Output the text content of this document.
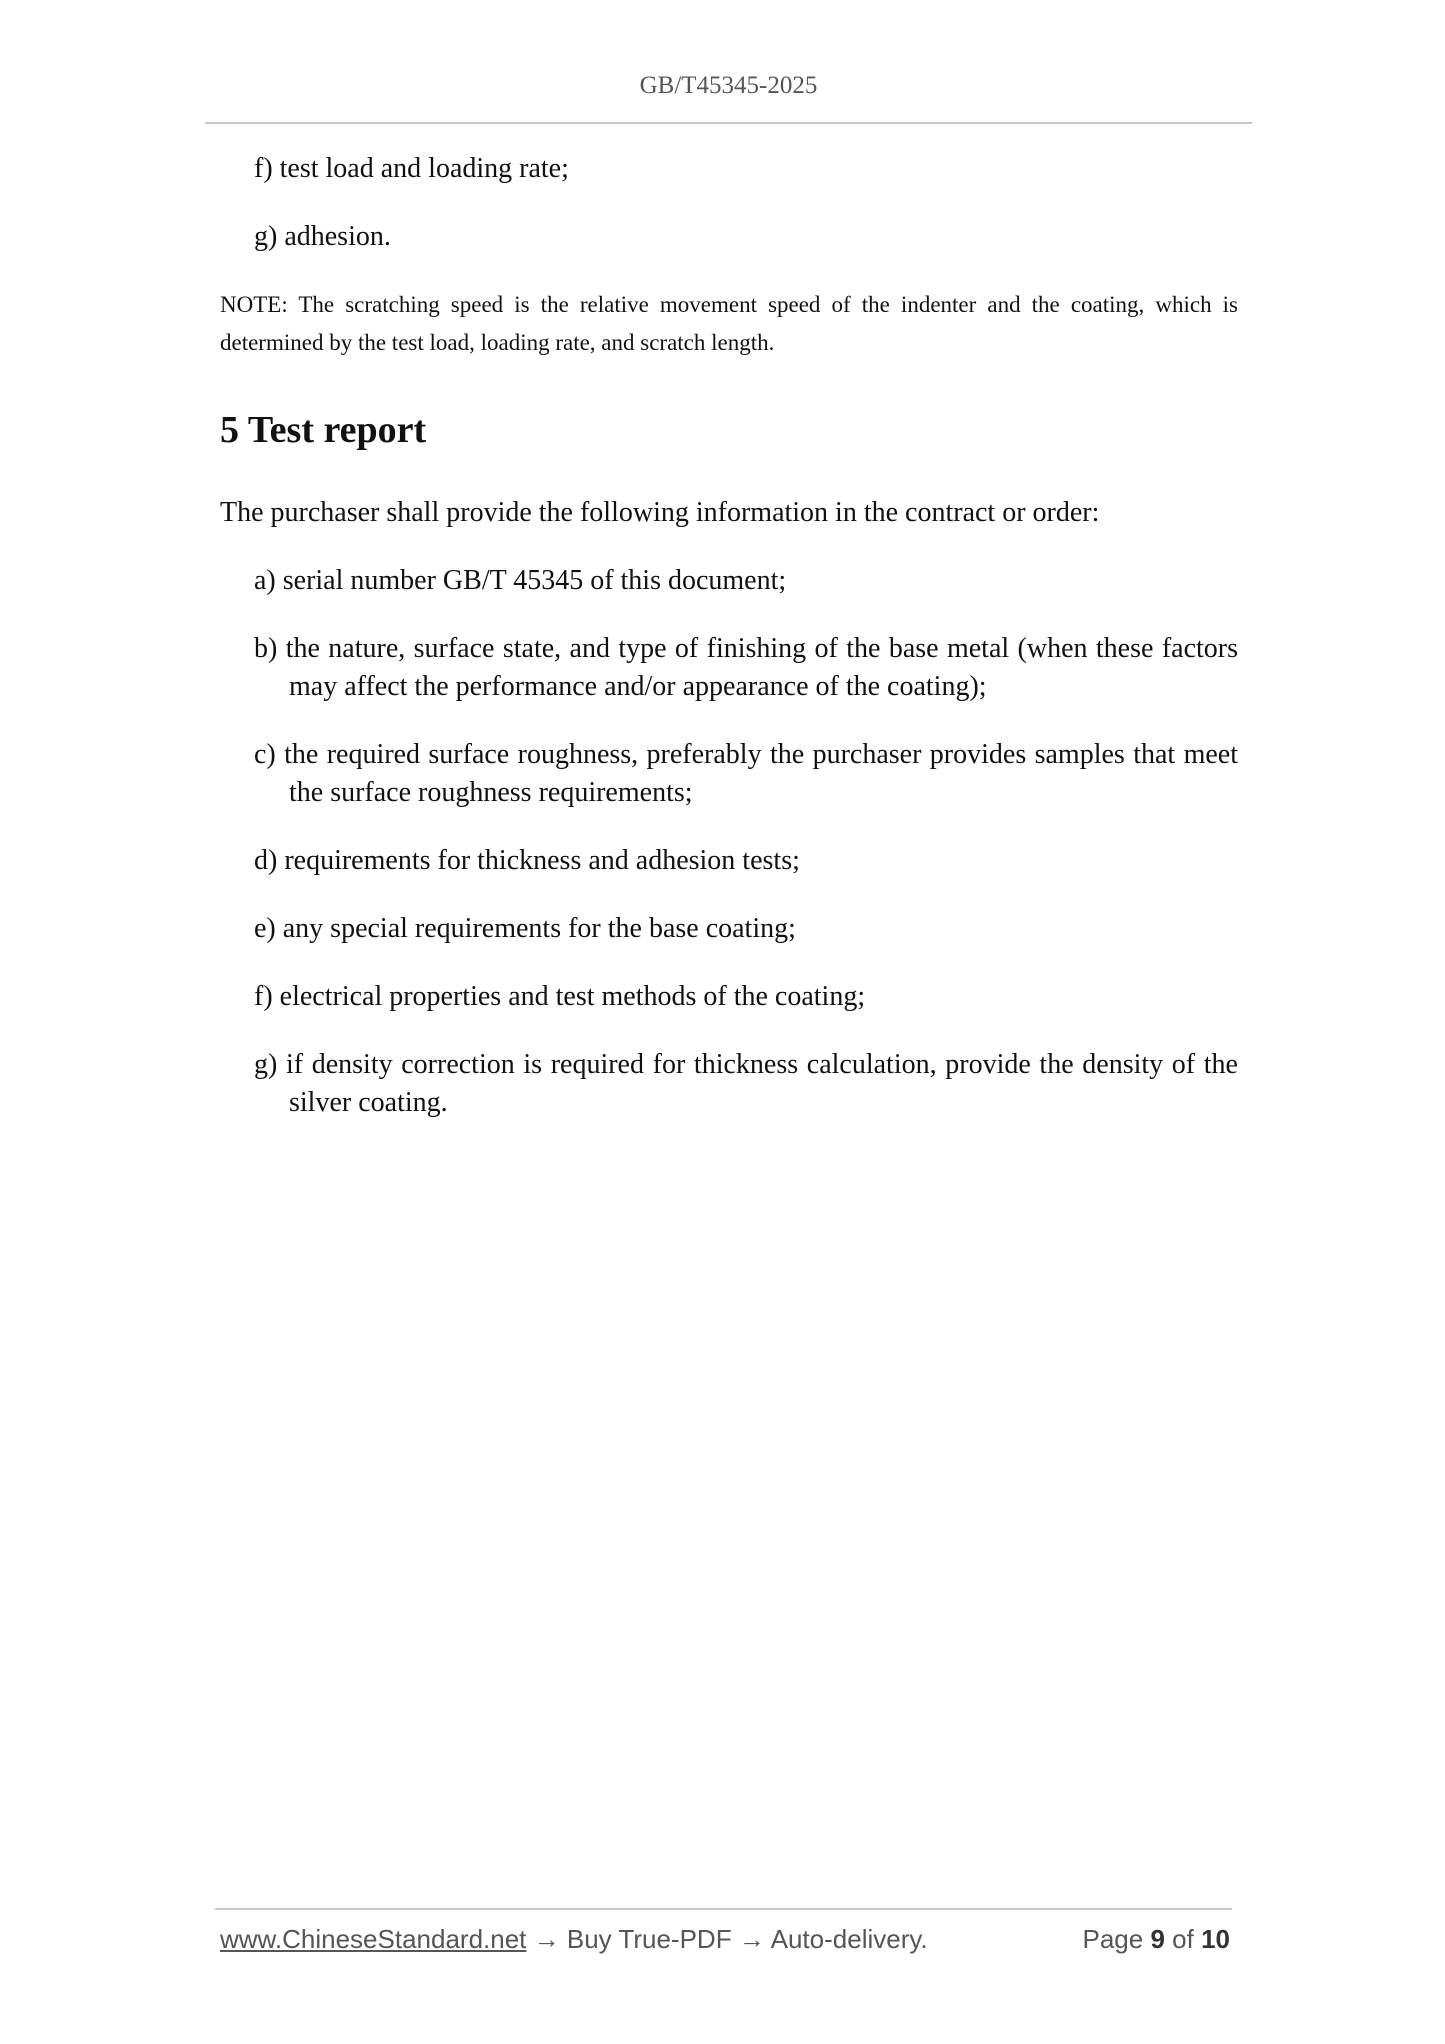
GB/T45345-2025
f) test load and loading rate;
g) adhesion.
NOTE: The scratching speed is the relative movement speed of the indenter and the coating, which is determined by the test load, loading rate, and scratch length.
5 Test report
The purchaser shall provide the following information in the contract or order:
a) serial number GB/T 45345 of this document;
b) the nature, surface state, and type of finishing of the base metal (when these factors may affect the performance and/or appearance of the coating);
c) the required surface roughness, preferably the purchaser provides samples that meet the surface roughness requirements;
d) requirements for thickness and adhesion tests;
e) any special requirements for the base coating;
f) electrical properties and test methods of the coating;
g) if density correction is required for thickness calculation, provide the density of the silver coating.
www.ChineseStandard.net → Buy True-PDF → Auto-delivery.	Page 9 of 10
